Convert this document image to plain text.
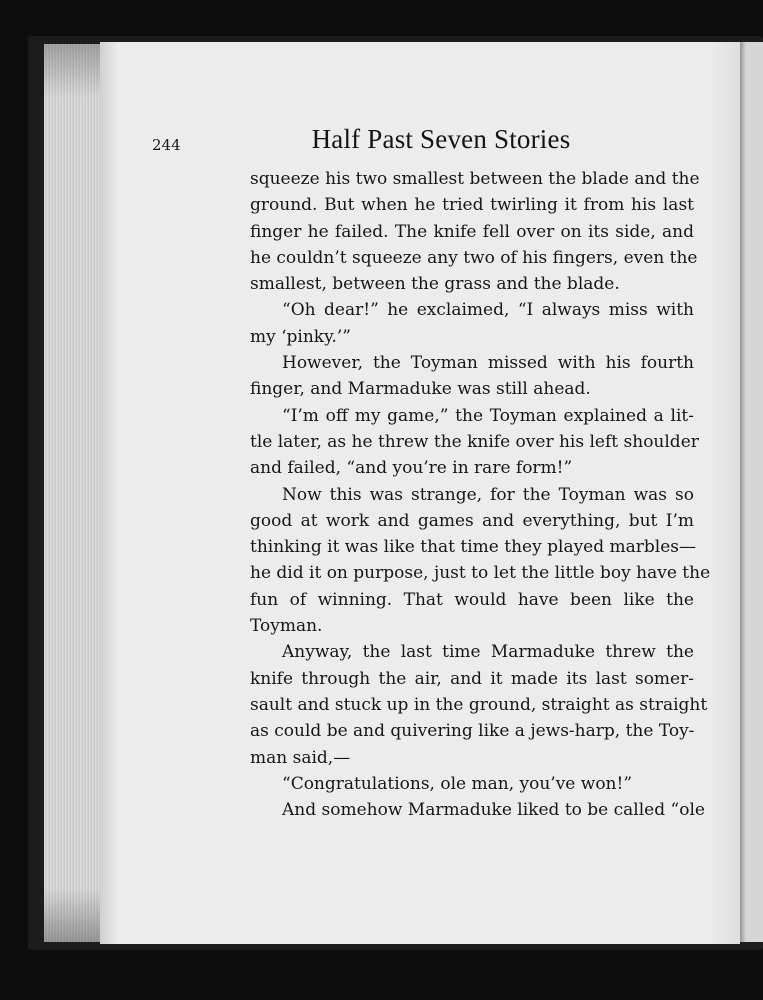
244	Half Past Seven Stories
squeeze his two smallest between the blade and the
ground. But when he tried twirling it from his last
finger he failed. The knife fell over on its side, and
he couldn’t squeeze any two of his fingers, even the
smallest, between the grass and the blade.
“Oh dear!” he exclaimed, “I always miss with
my ‘pinky.’”
However, the Toyman missed with his fourth
finger, and Marmaduke was still ahead.
“I’m off my game,” the Toyman explained a lit-
tle later, as he threw the knife over his left shoulder
and failed, “and you’re in rare form!”
Now this was strange, for the Toyman was so
good at work and games and everything, but I’m
thinking it was like that time they played marbles—
he did it on purpose, just to let the little boy have the
fun of winning. That would have been like the
Toyman.
Anyway, the last time Marmaduke threw the
knife through the air, and it made its last somer-
sault and stuck up in the ground, straight as straight
as could be and quivering like a jews-harp, the Toy-
man said,—
“Congratulations, ole man, you’ve won!”
And somehow Marmaduke liked to be called “ole
